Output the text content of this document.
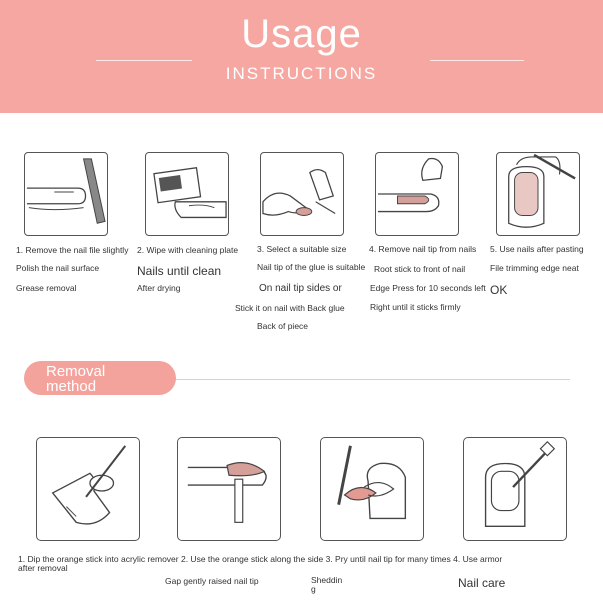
Usage
INSTRUCTIONS
1. Remove the nail file slightly
Polish the nail surface
Grease removal
2. Wipe with cleaning plate
Nails until clean
After drying
3. Select a suitable size
Nail tip of the glue is suitable
On nail tip sides or
Stick it on nail with Back glue
Back of piece
4. Remove nail tip from nails
Root stick to front of nail
Edge Press for 10 seconds left
Right until it sticks firmly
5. Use nails after pasting
File trimming edge neat
OK
Removal
method
1. Dip the orange stick into acrylic remover 2. Use the orange stick along the side 3. Pry until nail tip for many times 4. Use armor
after removal
Gap gently raised nail tip	Sheddin
g	Nail care
